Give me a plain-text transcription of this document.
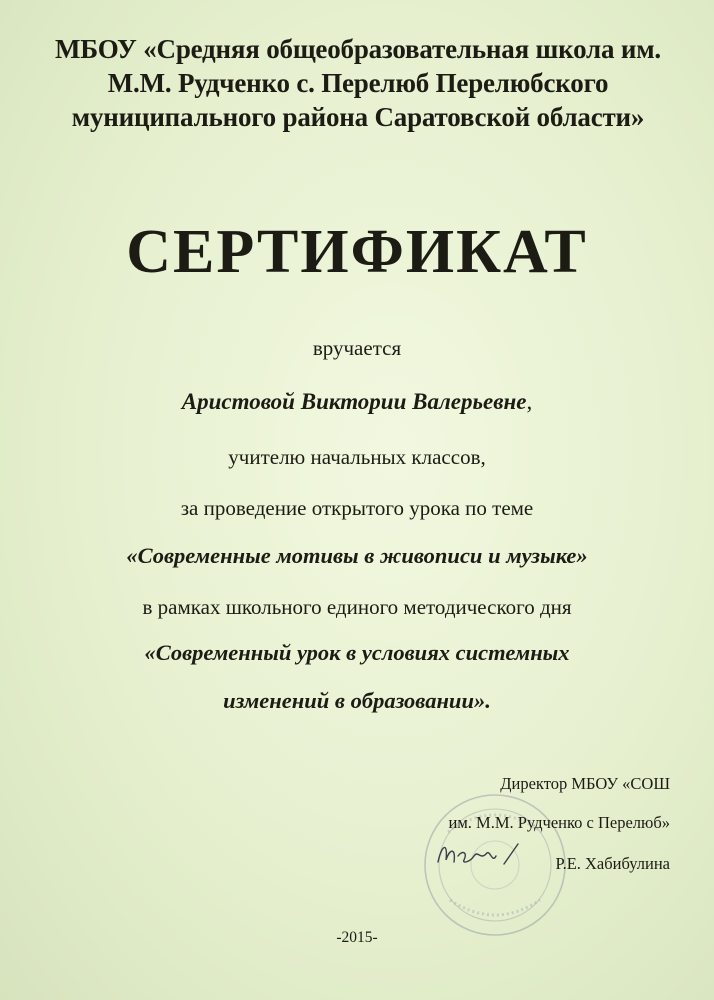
МБОУ «Средняя общеобразовательная школа им.
М.М. Рудченко с. Перелюб Перелюбского
муниципального района Саратовской области»
СЕРТИФИКАТ
вручается
Аристовой Виктории Валерьевне,
учителю начальных классов,
за проведение открытого урока по теме
«Современные мотивы в живописи и музыке»
в рамках школьного единого методического дня
«Современный урок в условиях системных
изменений в образовании».
Директор МБОУ «СОШ
им. М.М. Рудченко с Перелюб»
Р.Е. Хабибулина
-2015-
